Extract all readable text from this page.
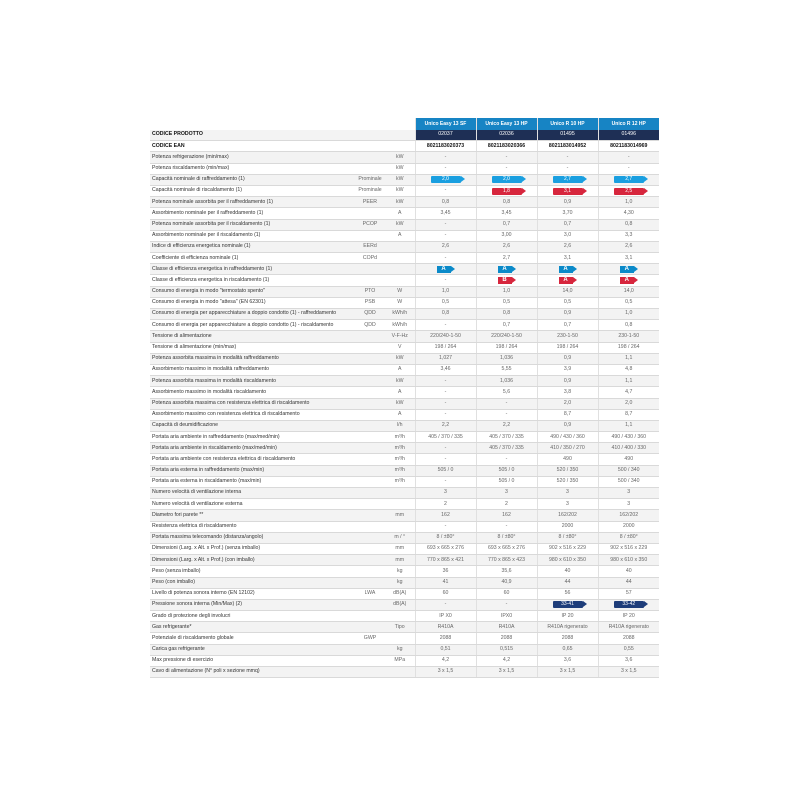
			Unico Easy 13 SF	Unico Easy 13 HP	Unico R 10 HP	Unico R 12 HP
CODICE PRODOTTO			02037	02036	01495	01496
CODICE EAN			8021183020373	8021183020366	8021183014952	8021183014969
Potenza refrigerazione (min/max)		kW	-	-	-	-
Potenza riscaldamento (min/max)		kW	-	-	-	-
Capacità nominale di raffreddamento (1)	Prominale	kW	2,0	2,0	2,7	2,7
Capacità nominale di riscaldamento (1)	Prominale	kW	-	1,8	3,1	2,5
Potenza nominale assorbita per il raffreddamento (1)	PEER	kW	0,8	0,8	0,9	1,0
Assorbimento nominale per il raffreddamento (1)		A	3,45	3,45	3,70	4,30
Potenza nominale assorbita per il riscaldamento (1)	PCOP	kW	-	0,7	0,7	0,8
Assorbimento nominale per il riscaldamento (1)		A	-	3,00	3,0	3,3
Indice di efficienza energetica nominale (1)	EERd		2,6	2,6	2,6	2,6
Coefficiente di efficienza nominale (1)	COPd		-	2,7	3,1	3,1
Classe di efficienza energetica in raffreddamento (1)			A	A	A	A
Classe di efficienza energetica in riscaldamento (1)			-	B	A	A
Consumo di energia in modo "termostato spento"	PTO	W	1,0	1,0	14,0	14,0
Consumo di energia in modo "attesa" (EN 62301)	PSB	W	0,5	0,5	0,5	0,5
Consumo di energia per apparecchiature a doppio condotto (1) - raffreddamento	QDD	kWh/h	0,8	0,8	0,9	1,0
Consumo di energia per apparecchiature a doppio condotto (1) - riscaldamento	QDD	kWh/h	-	0,7	0,7	0,8
Tensione di alimentazione		V-F-Hz	220/240-1-50	220/240-1-50	230-1-50	230-1-50
Tensione di alimentazione (min/max)		V	198 / 264	198 / 264	198 / 264	198 / 264
Potenza assorbita massima in modalità raffreddamento		kW	1,027	1,036	0,9	1,1
Assorbimento massimo in modalità raffreddamento		A	3,46	5,55	3,9	4,8
Potenza assorbita massima in modalità riscaldamento		kW	-	1,036	0,9	1,1
Assorbimento massimo in modalità riscaldamento		A	-	5,6	3,8	4,7
Potenza assorbita massima con resistenza elettrica di riscaldamento		kW	-	-	2,0	2,0
Assorbimento massimo con resistenza elettrica di riscaldamento		A	-	-	8,7	8,7
Capacità di deumidificazione		l/h	2,2	2,2	0,9	1,1
Portata aria ambiente in raffreddamento (max/med/min)		m³/h	405 / 370 / 335	405 / 370 / 335	490 / 430 / 360	490 / 430 / 360
Portata aria ambiente in riscaldamento (max/med/min)		m³/h	-	405 / 370 / 335	410 / 350 / 270	410 / 400 / 330
Portata aria ambiente con resistenza elettrica di riscaldamento		m³/h	-	-	490	490
Portata aria esterna in raffreddamento (max/min)		m³/h	505 / 0	505 / 0	520 / 350	500 / 340
Portata aria esterna in riscaldamento (max/min)		m³/h	-	505 / 0	520 / 350	500 / 340
Numero velocità di ventilazione interna			3	3	3	3
Numero velocità di ventilazione esterna			2	2	3	3
Diametro fori parete **		mm	162	162	162/202	162/202
Resistenza elettrica di riscaldamento			-	-	2000	2000
Portata massima telecomando (distanza/angolo)		m / °	8 / ±80°	8 / ±80°	8 / ±80°	8 / ±80°
Dimensioni (Larg. x Alt. x Prof.) (senza imballo)		mm	693 x 665 x 276	693 x 665 x 276	902 x 516 x 229	902 x 516 x 229
Dimensioni (Larg. x Alt. x Prof.) (con imballo)		mm	770 x 865 x 421	770 x 865 x 423	980 x 610 x 350	980 x 610 x 350
Peso (senza imballo)		kg	36	35,6	40	40
Peso (con imballo)		kg	41	40,9	44	44
Livello di potenza sonora interno (EN 12102)	LWA	dB(A)	60	60	56	57
Pressione sonora interna (Min/Max) (2)		dB(A)	-	-	33-41	33-42
Grado di protezione degli involucri			IP X0	IPX0	IP 20	IP 20
Gas refrigerante*		Tipo	R410A	R410A	R410A rigenerato	R410A rigenerato
Potenziale di riscaldamento globale	GWP		2088	2088	2088	2088
Carica gas refrigerante		kg	0,51	0,515	0,65	0,55
Max pressione di esercizio		MPa	4,2	4,2	3,6	3,6
Cavo di alimentazione (N° poli x sezione mmq)			3 x 1,5	3 x 1,5	3 x 1,5	3 x 1,5
